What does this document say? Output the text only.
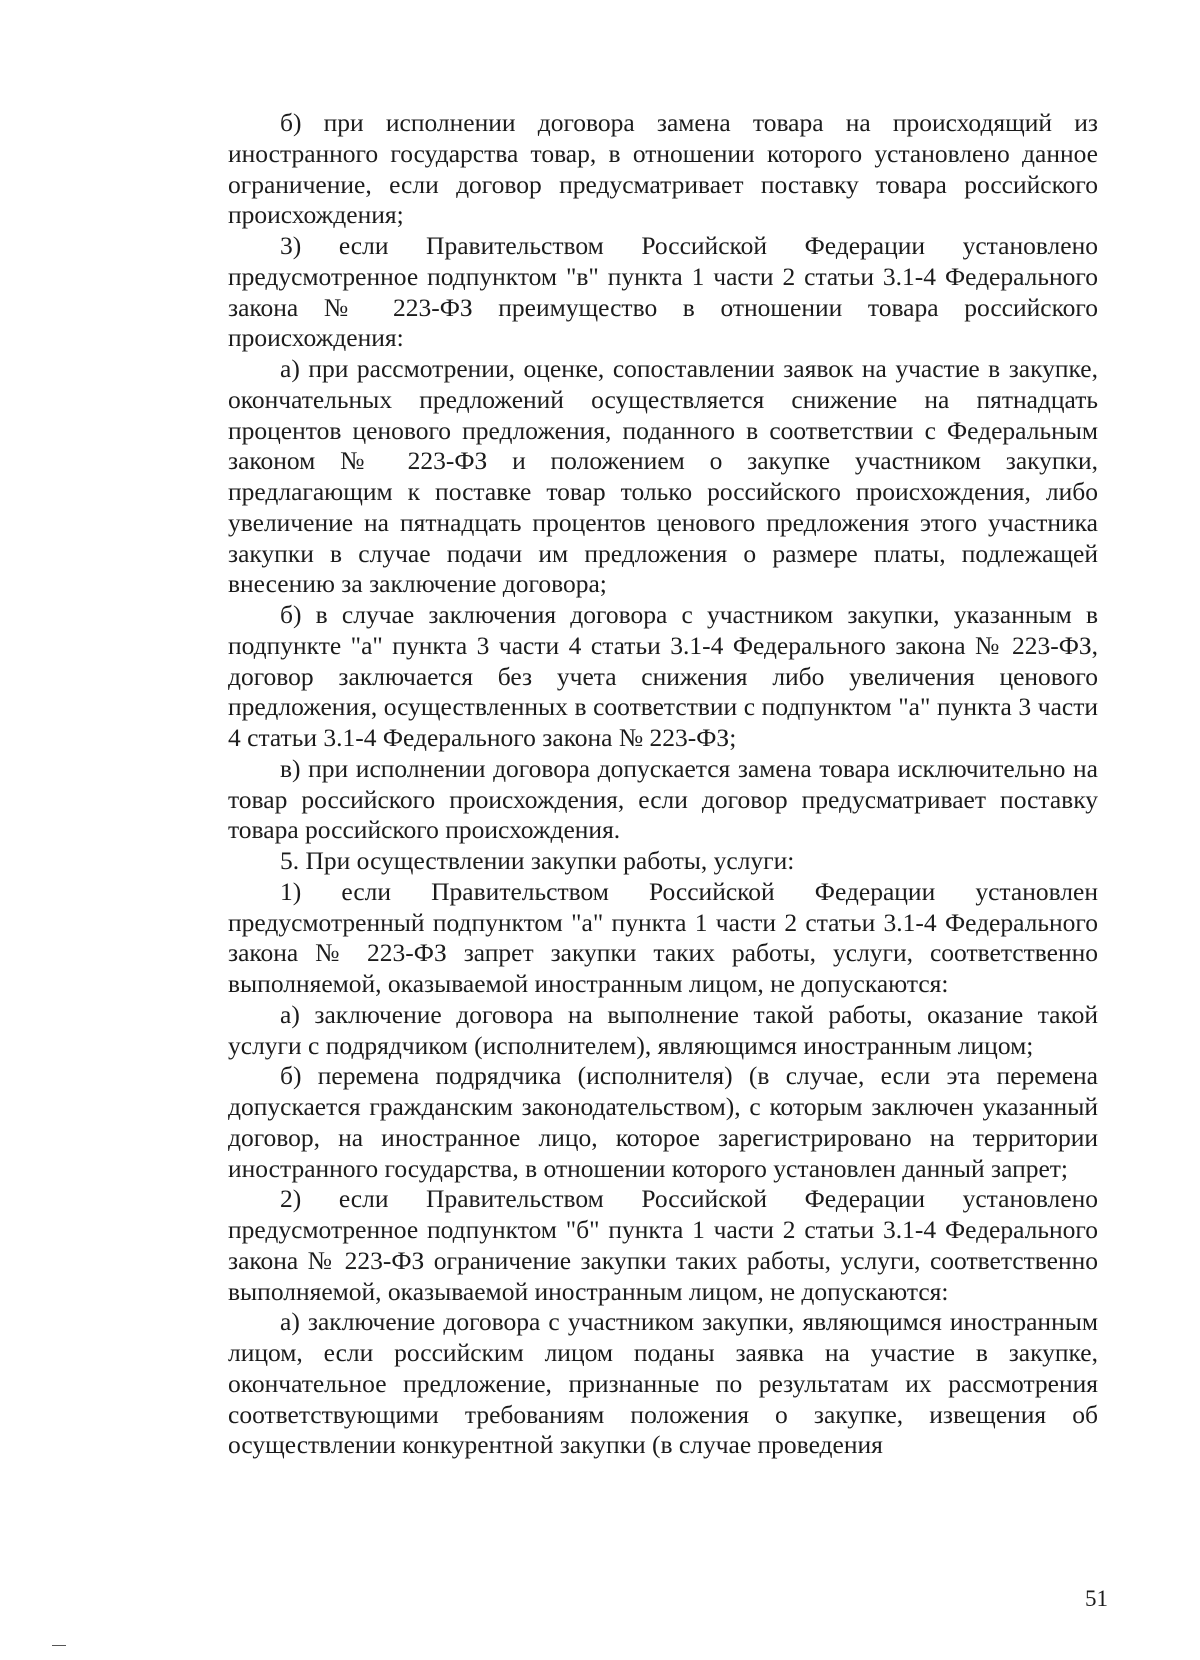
б) при исполнении договора замена товара на происходящий из иностранного государства товар, в отношении которого установлено данное ограничение, если договор предусматривает поставку товара российского происхождения;

3) если Правительством Российской Федерации установлено предусмотренное подпунктом "в" пункта 1 части 2 статьи 3.1-4 Федерального закона № 223-ФЗ преимущество в отношении товара российского происхождения:

а) при рассмотрении, оценке, сопоставлении заявок на участие в закупке, окончательных предложений осуществляется снижение на пятнадцать процентов ценового предложения, поданного в соответствии с Федеральным законом № 223-ФЗ и положением о закупке участником закупки, предлагающим к поставке товар только российского происхождения, либо увеличение на пятнадцать процентов ценового предложения этого участника закупки в случае подачи им предложения о размере платы, подлежащей внесению за заключение договора;

б) в случае заключения договора с участником закупки, указанным в подпункте "а" пункта 3 части 4 статьи 3.1-4 Федерального закона № 223-ФЗ, договор заключается без учета снижения либо увеличения ценового предложения, осуществленных в соответствии с подпунктом "а" пункта 3 части 4 статьи 3.1-4 Федерального закона № 223-ФЗ;

в) при исполнении договора допускается замена товара исключительно на товар российского происхождения, если договор предусматривает поставку товара российского происхождения.

5. При осуществлении закупки работы, услуги:

1) если Правительством Российской Федерации установлен предусмотренный подпунктом "а" пункта 1 части 2 статьи 3.1-4 Федерального закона № 223-ФЗ запрет закупки таких работы, услуги, соответственно выполняемой, оказываемой иностранным лицом, не допускаются:

а) заключение договора на выполнение такой работы, оказание такой услуги с подрядчиком (исполнителем), являющимся иностранным лицом;

б) перемена подрядчика (исполнителя) (в случае, если эта перемена допускается гражданским законодательством), с которым заключен указанный договор, на иностранное лицо, которое зарегистрировано на территории иностранного государства, в отношении которого установлен данный запрет;

2) если Правительством Российской Федерации установлено предусмотренное подпунктом "б" пункта 1 части 2 статьи 3.1-4 Федерального закона № 223-ФЗ ограничение закупки таких работы, услуги, соответственно выполняемой, оказываемой иностранным лицом, не допускаются:

а) заключение договора с участником закупки, являющимся иностранным лицом, если российским лицом поданы заявка на участие в закупке, окончательное предложение, признанные по результатам их рассмотрения соответствующими требованиям положения о закупке, извещения об осуществлении конкурентной закупки (в случае проведения

51
